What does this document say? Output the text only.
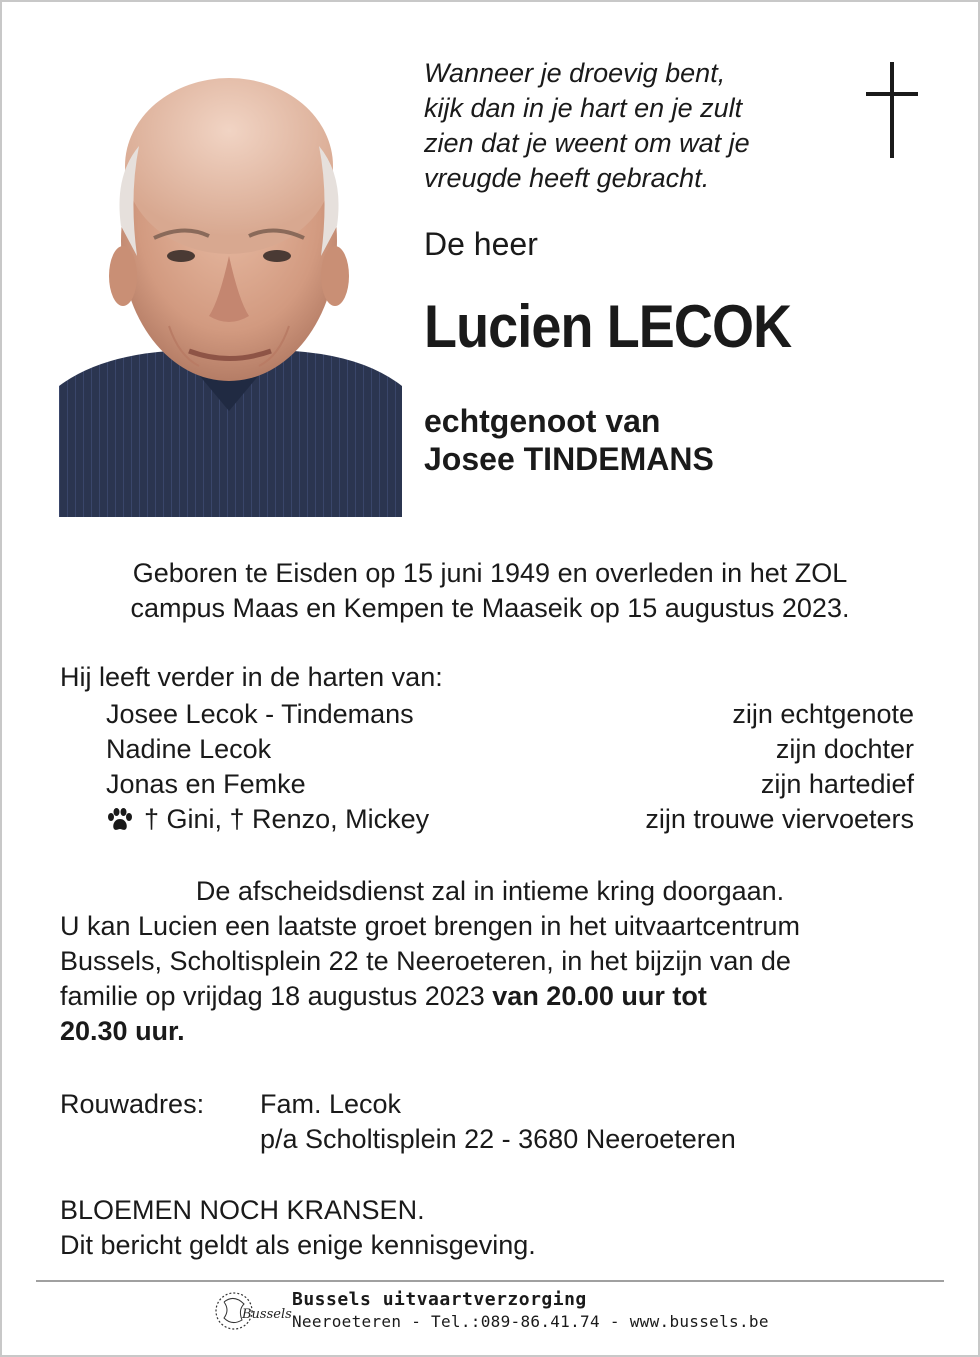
Wanneer je droevig bent,
kijk dan in je hart en je zult
zien dat je weent om wat je
vreugde heeft gebracht.
De heer
Lucien LECOK
echtgenoot van
Josee TINDEMANS
Geboren te Eisden op 15 juni 1949 en overleden in het ZOL
campus Maas en Kempen te Maaseik op 15 augustus 2023.
Hij leeft verder in de harten van:
Josee Lecok - Tindemans	zijn echtgenote
Nadine Lecok	zijn dochter
Jonas en Femke	zijn hartedief
† Gini, † Renzo, Mickey	zijn trouwe viervoeters
De afscheidsdienst zal in intieme kring doorgaan.
U kan Lucien een laatste groet brengen in het uitvaartcentrum
Bussels, Scholtisplein 22 te Neeroeteren, in het bijzijn van de
familie op vrijdag 18 augustus 2023 van 20.00 uur tot
20.30 uur.
Rouwadres: Fam. Lecok
p/a Scholtisplein 22 - 3680 Neeroeteren
BLOEMEN NOCH KRANSEN.
Dit bericht geldt als enige kennisgeving.
Bussels
Bussels uitvaartverzorging
Neeroeteren - Tel.:089-86.41.74 - www.bussels.be
